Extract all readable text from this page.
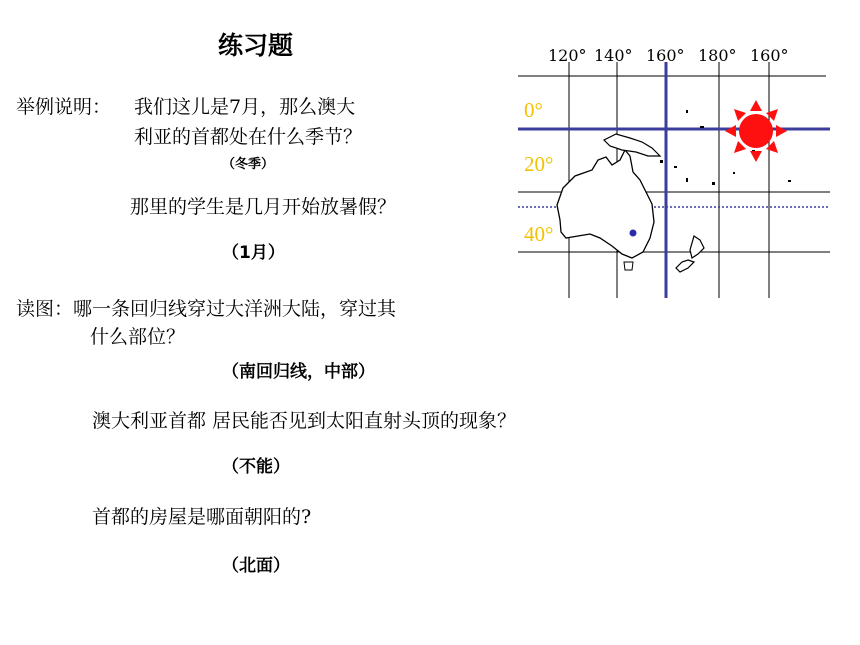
练习题
举例说明： 我们这儿是7月，那么澳大
利亚的首都处在什么季节？
（冬季）
那里的学生是几月开始放暑假？
（1月）
读图：哪一条回归线穿过大洋洲大陆，穿过其
什么部位？
（南回归线，中部）
澳大利亚首都 居民能否见到太阳直射头顶的现象？
（不能）
首都的房屋是哪面朝阳的?
（北面）
120° 140° 160° 180° 160°
0°
20°
40°
